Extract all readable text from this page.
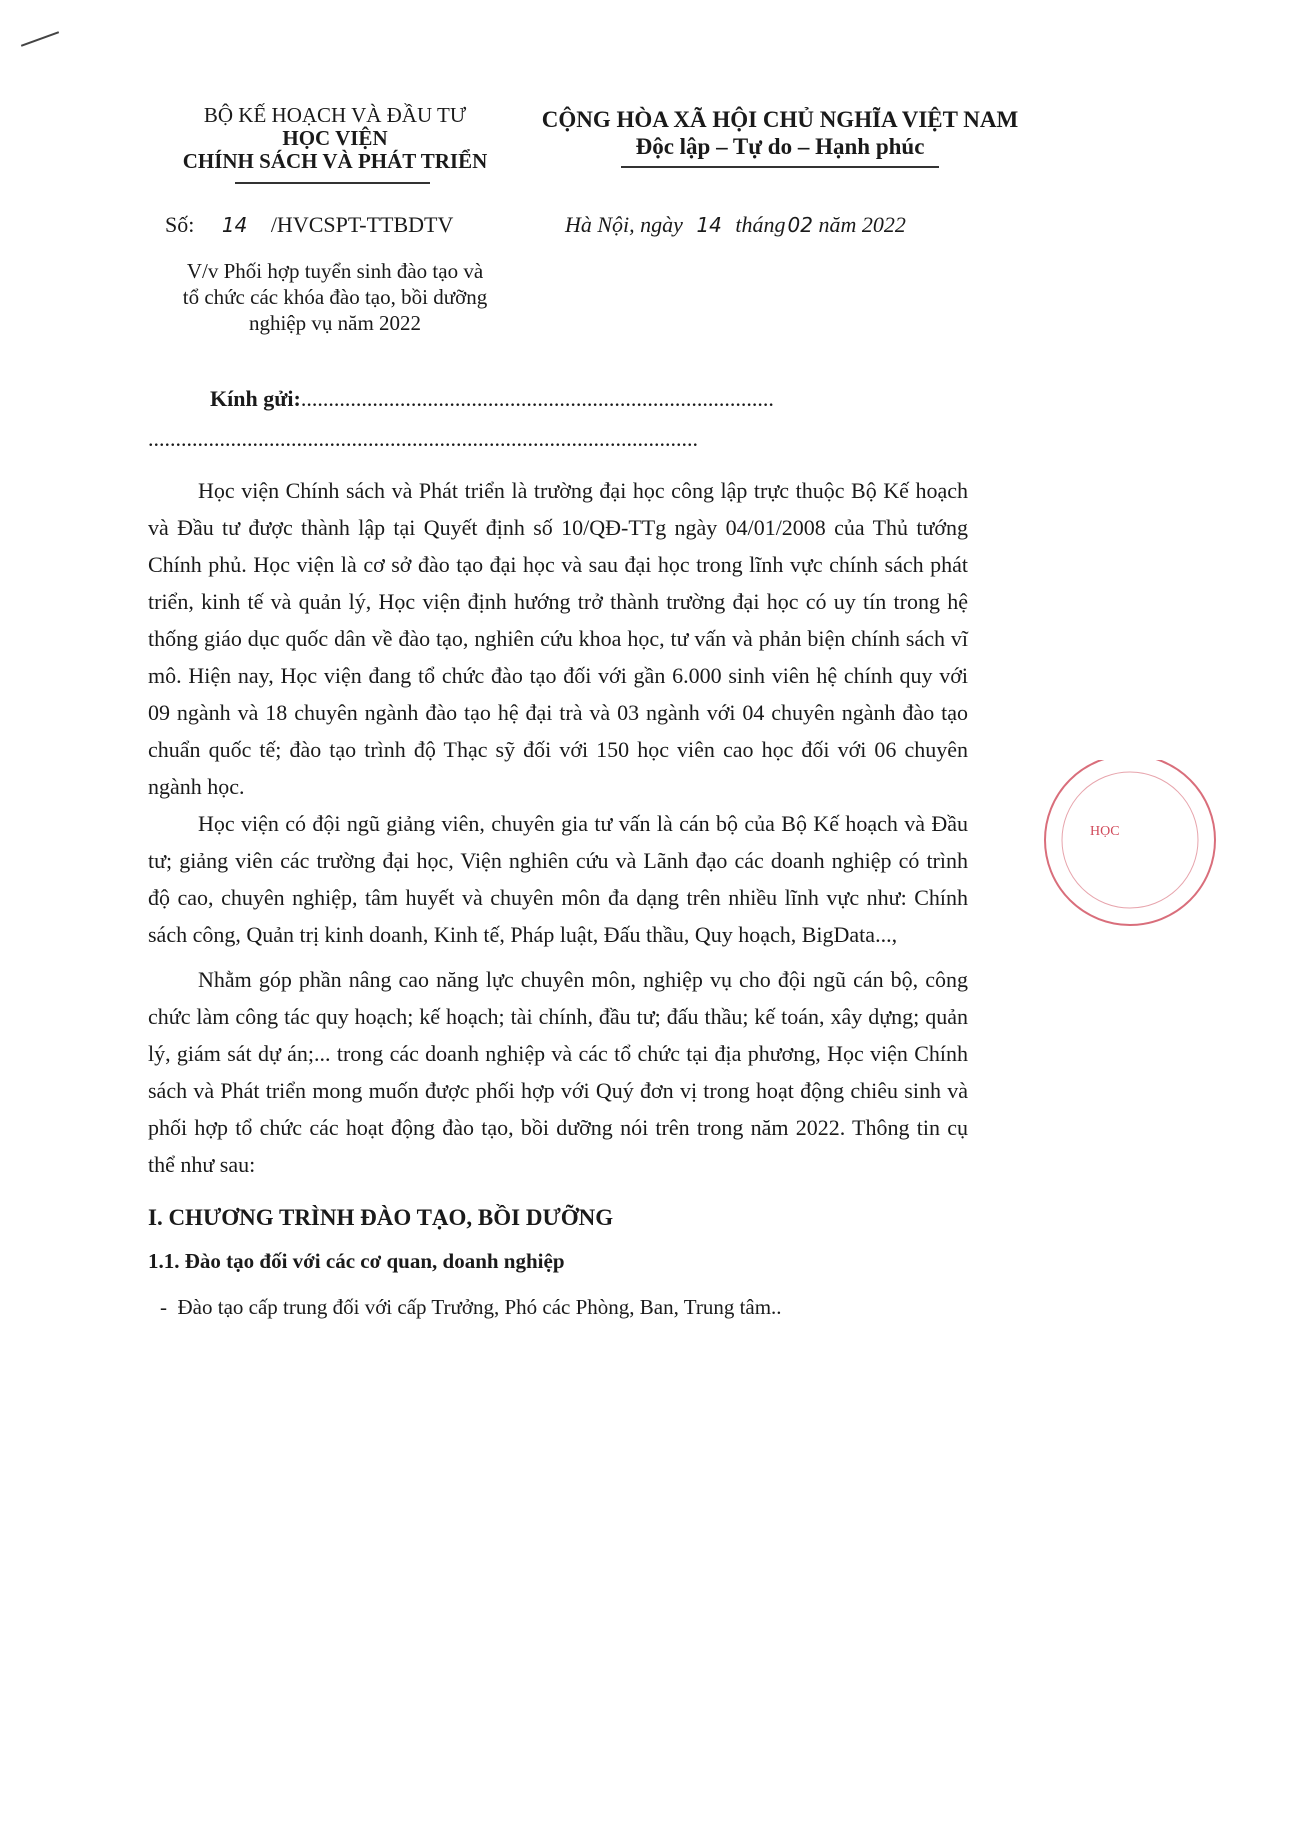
BỘ KẾ HOẠCH VÀ ĐẦU TƯ
HỌC VIỆN
CHÍNH SÁCH VÀ PHÁT TRIỂN
CỘNG HÒA XÃ HỘI CHỦ NGHĨA VIỆT NAM
Độc lập – Tự do – Hạnh phúc
Số: 14 /HVCSPT-TTBDTV	Hà Nội, ngày 14 tháng 02 năm 2022
V/v Phối hợp tuyển sinh đào tạo và
tổ chức các khóa đào tạo, bồi dưỡng
nghiệp vụ năm 2022
Kính gửi:......................................................................................
....................................................................................................
Học viện Chính sách và Phát triển là trường đại học công lập trực thuộc Bộ Kế hoạch và Đầu tư được thành lập tại Quyết định số 10/QĐ-TTg ngày 04/01/2008 của Thủ tướng Chính phủ. Học viện là cơ sở đào tạo đại học và sau đại học trong lĩnh vực chính sách phát triển, kinh tế và quản lý, Học viện định hướng trở thành trường đại học có uy tín trong hệ thống giáo dục quốc dân về đào tạo, nghiên cứu khoa học, tư vấn và phản biện chính sách vĩ mô. Hiện nay, Học viện đang tổ chức đào tạo đối với gần 6.000 sinh viên hệ chính quy với 09 ngành và 18 chuyên ngành đào tạo hệ đại trà và 03 ngành với 04 chuyên ngành đào tạo chuẩn quốc tế; đào tạo trình độ Thạc sỹ đối với 150 học viên cao học đối với 06 chuyên ngành học.
Học viện có đội ngũ giảng viên, chuyên gia tư vấn là cán bộ của Bộ Kế hoạch và Đầu tư; giảng viên các trường đại học, Viện nghiên cứu và Lãnh đạo các doanh nghiệp có trình độ cao, chuyên nghiệp, tâm huyết và chuyên môn đa dạng trên nhiều lĩnh vực như: Chính sách công, Quản trị kinh doanh, Kinh tế, Pháp luật, Đấu thầu, Quy hoạch, BigData...,
Nhằm góp phần nâng cao năng lực chuyên môn, nghiệp vụ cho đội ngũ cán bộ, công chức làm công tác quy hoạch; kế hoạch; tài chính, đầu tư; đấu thầu; kế toán, xây dựng; quản lý, giám sát dự án;... trong các doanh nghiệp và các tổ chức tại địa phương, Học viện Chính sách và Phát triển mong muốn được phối hợp với Quý đơn vị trong hoạt động chiêu sinh và phối hợp tổ chức các hoạt động đào tạo, bồi dưỡng nói trên trong năm 2022. Thông tin cụ thể như sau:
I. CHƯƠNG TRÌNH ĐÀO TẠO, BỒI DƯỠNG
1.1. Đào tạo đối với các cơ quan, doanh nghiệp
-  Đào tạo cấp trung đối với cấp Trưởng, Phó các Phòng, Ban, Trung tâm..
HỌC
